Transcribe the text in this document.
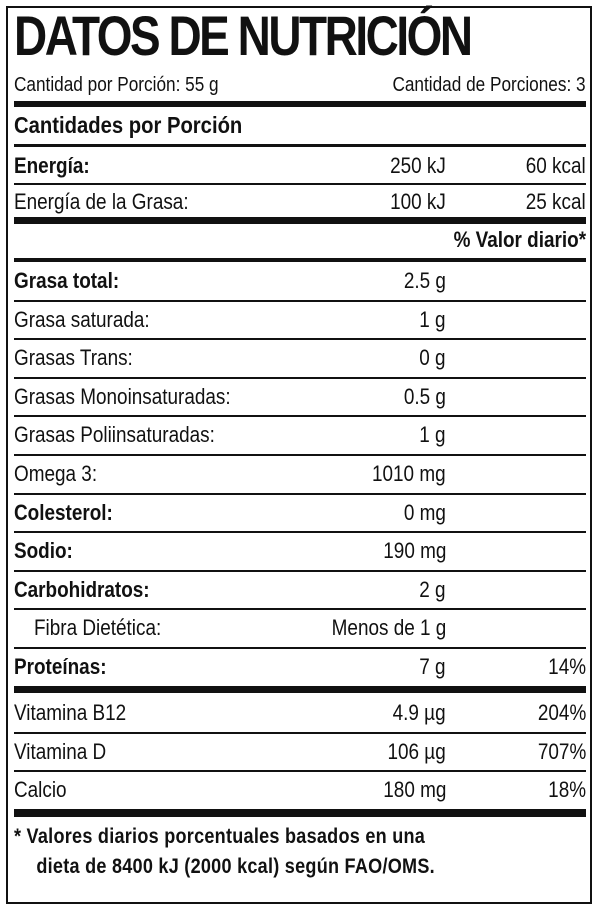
DATOS DE NUTRICIÓN
Cantidad por Porción: 55 g	Cantidad de Porciones: 3
Cantidades por Porción
Energía:	250 kJ	60 kcal
Energía de la Grasa:	100 kJ	25 kcal
% Valor diario*
Grasa total:	2.5 g
Grasa saturada:	1 g
Grasas Trans:	0 g
Grasas Monoinsaturadas:	0.5 g
Grasas Poliinsaturadas:	1 g
Omega 3:	1010 mg
Colesterol:	0 mg
Sodio:	190 mg
Carbohidratos:	2 g
Fibra Dietética:	Menos de 1 g
Proteínas:	7 g	14%
Vitamina B12	4.9 µg	204%
Vitamina D	106 µg	707%
Calcio	180 mg	18%
* Valores diarios porcentuales basados en una
dieta de 8400 kJ (2000 kcal) según FAO/OMS.
